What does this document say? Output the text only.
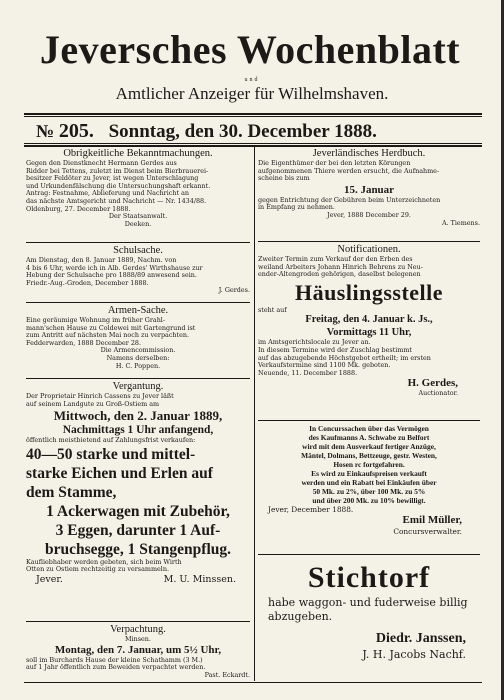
Jeversches Wochenblatt
und
Amtlicher Anzeiger für Wilhelmshaven.
№ 205. Sonntag, den 30. December 1888.
Obrigkeitliche Bekanntmachungen.
Gegen den Dienstknecht Hermann Gerdes aus
Ridder bei Tettens, zuletzt im Dienst beim Bierbrauerei-
besitzer Feldöter zu Jever, ist wegen Unterschlagung
und Urkundenfälschung die Untersuchungshaft erkannt.
Antrag: Festnahme, Ablieferung und Nachricht an
das nächste Amtsgericht und Nachricht — Nr. 1434/88.
Oldenburg, 27. December 1888.
Der Staatsanwalt.
Deeken.
Schulsache.
Am Dienstag, den 8. Januar 1889, Nachm. von
4 bis 6 Uhr, werde ich in Alb. Gerdes' Wirthshause zur
Hebung der Schulsache pro 1888/89 anwesend sein.
Friedr.-Aug.-Groden, December 1888.
J. Gerdes.
Armen-Sache.
Eine geräumige Wohnung im früher Grahl-
mann'schen Hause zu Coldewei mit Gartengrund ist
zum Antritt auf nächsten Mai noch zu verpachten.
Fedderwarden, 1888 December 28.
Die Armencommission.
Namens derselben:
H. C. Poppen.
Vergantung.
Der Proprietair Hinrich Cassens zu Jever läßt
auf seinem Landgute zu Groß-Ostiem am
Mittwoch, den 2. Januar 1889,
Nachmittags 1 Uhr anfangend,
öffentlich meistbietend auf Zahlungsfrist verkaufen:
40—50 starke und mittel-
starke Eichen und Erlen auf
dem Stamme,
1 Ackerwagen mit Zubehör,
3 Eggen, darunter 1 Auf-
bruchsegge, 1 Stangenpflug.
Kaufliebhaber werden gebeten, sich beim Wirth
Otten zu Ostiem rechtzeitig zu versammeln.
Jever.	M. U. Minssen.
Verpachtung.
Minsen.
Montag, den 7. Januar, um 5½ Uhr,
soll im Burchards Hause der kleine Schathamm (3 M.)
auf 1 Jahr öffentlich zum Beweiden verpachtet werden.
Past. Eckardt.
Jeverländisches Herdbuch.
Die Eigenthümer der bei den letzten Körungen
aufgenommenen Thiere werden ersucht, die Aufnahme-
scheine bis zum
15. Januar
gegen Entrichtung der Gebühren beim Unterzeichneten
in Empfang zu nehmen.
Jever, 1888 December 29.
A. Tiemens.
Notificationen.
Zweiter Termin zum Verkauf der den Erben des
weiland Arbeiters Johann Hinrich Behrens zu Neu-
ender-Altengroden gehörigen, daselbst belegenen
Häuslingsstelle
steht auf
Freitag, den 4. Januar k. Js.,
Vormittags 11 Uhr,
im Amtsgerichtslocale zu Jever an.
In diesem Termine wird der Zuschlag bestimmt
auf das abzugebende Höchstgebot ertheilt; im ersten
Verkaufstermine sind 1100 Mk. geboten.
Neuende, 11. December 1888.
H. Gerdes,
Auctionator.
In Concurssachen über das Vermögen
des Kaufmanns A. Schwabe zu Belfort
wird mit dem Ausverkauf fertiger Anzüge,
Mäntel, Dolmans, Bettzeuge, gestr. Westen,
Hosen rc fortgefahren.
Es wird zu Einkaufspreisen verkauft
werden und ein Rabatt bei Einkäufen über
50 Mk. zu 2%, über 100 Mk. zu 5%
und über 200 Mk. zu 10% bewilligt.
Jever, December 1888.
Emil Müller,
Concursverwalter.
Stichtorf
habe waggon- und fuderweise billig
abzugeben.
Diedr. Janssen,
J. H. Jacobs Nachf.
